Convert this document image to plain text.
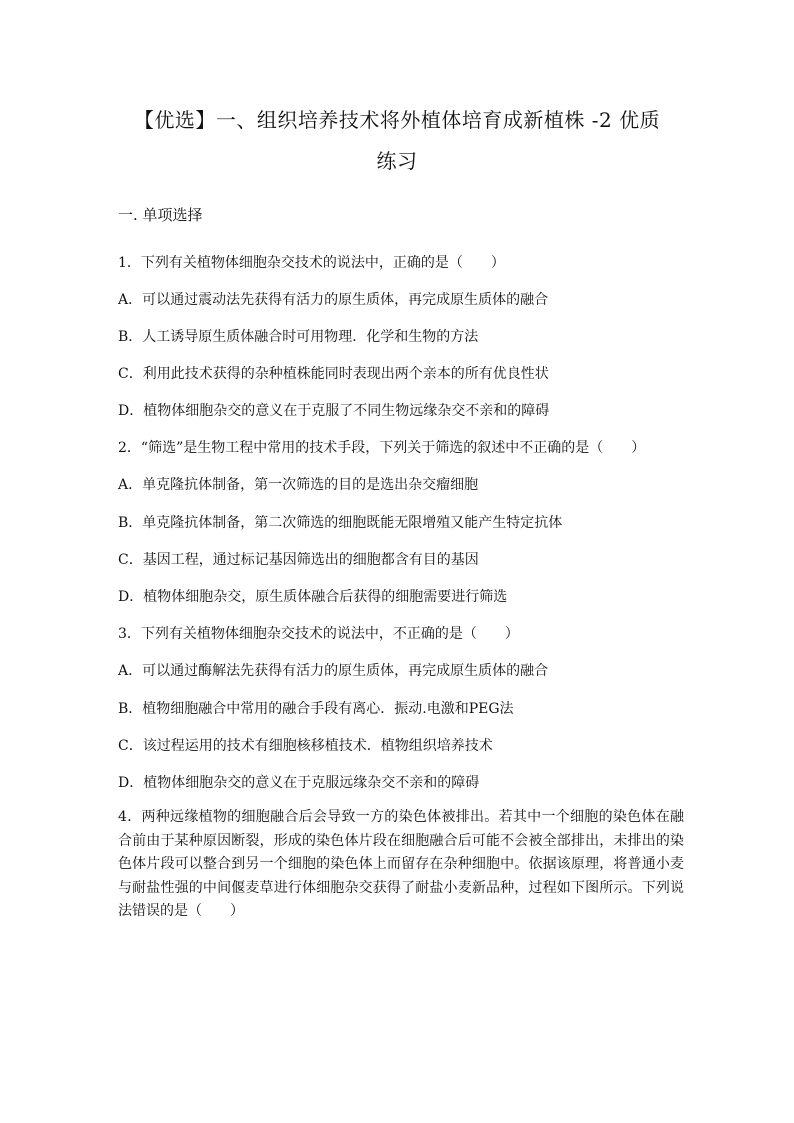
【优选】一、组织培养技术将外植体培育成新植株 -2 优质
练习
一. 单项选择
1．下列有关植物体细胞杂交技术的说法中，正确的是（　　）
A．可以通过震动法先获得有活力的原生质体，再完成原生质体的融合
B．人工诱导原生质体融合时可用物理．化学和生物的方法
C．利用此技术获得的杂种植株能同时表现出两个亲本的所有优良性状
D．植物体细胞杂交的意义在于克服了不同生物远缘杂交不亲和的障碍
2．“筛选”是生物工程中常用的技术手段，下列关于筛选的叙述中不正确的是（　　）
A．单克隆抗体制备，第一次筛选的目的是选出杂交瘤细胞
B．单克隆抗体制备，第二次筛选的细胞既能无限增殖又能产生特定抗体
C．基因工程，通过标记基因筛选出的细胞都含有目的基因
D．植物体细胞杂交，原生质体融合后获得的细胞需要进行筛选
3．下列有关植物体细胞杂交技术的说法中，不正确的是（　　）
A．可以通过酶解法先获得有活力的原生质体，再完成原生质体的融合
B．植物细胞融合中常用的融合手段有离心．振动.电激和PEG法
C．该过程运用的技术有细胞核移植技术．植物组织培养技术
D．植物体细胞杂交的意义在于克服远缘杂交不亲和的障碍
4．两种远缘植物的细胞融合后会导致一方的染色体被排出。若其中一个细胞的染色体在融合前由于某种原因断裂，形成的染色体片段在细胞融合后可能不会被全部排出，未排出的染色体片段可以整合到另一个细胞的染色体上而留存在杂种细胞中。依据该原理，将普通小麦与耐盐性强的中间偃麦草进行体细胞杂交获得了耐盐小麦新品种，过程如下图所示。下列说法错误的是（　　）
